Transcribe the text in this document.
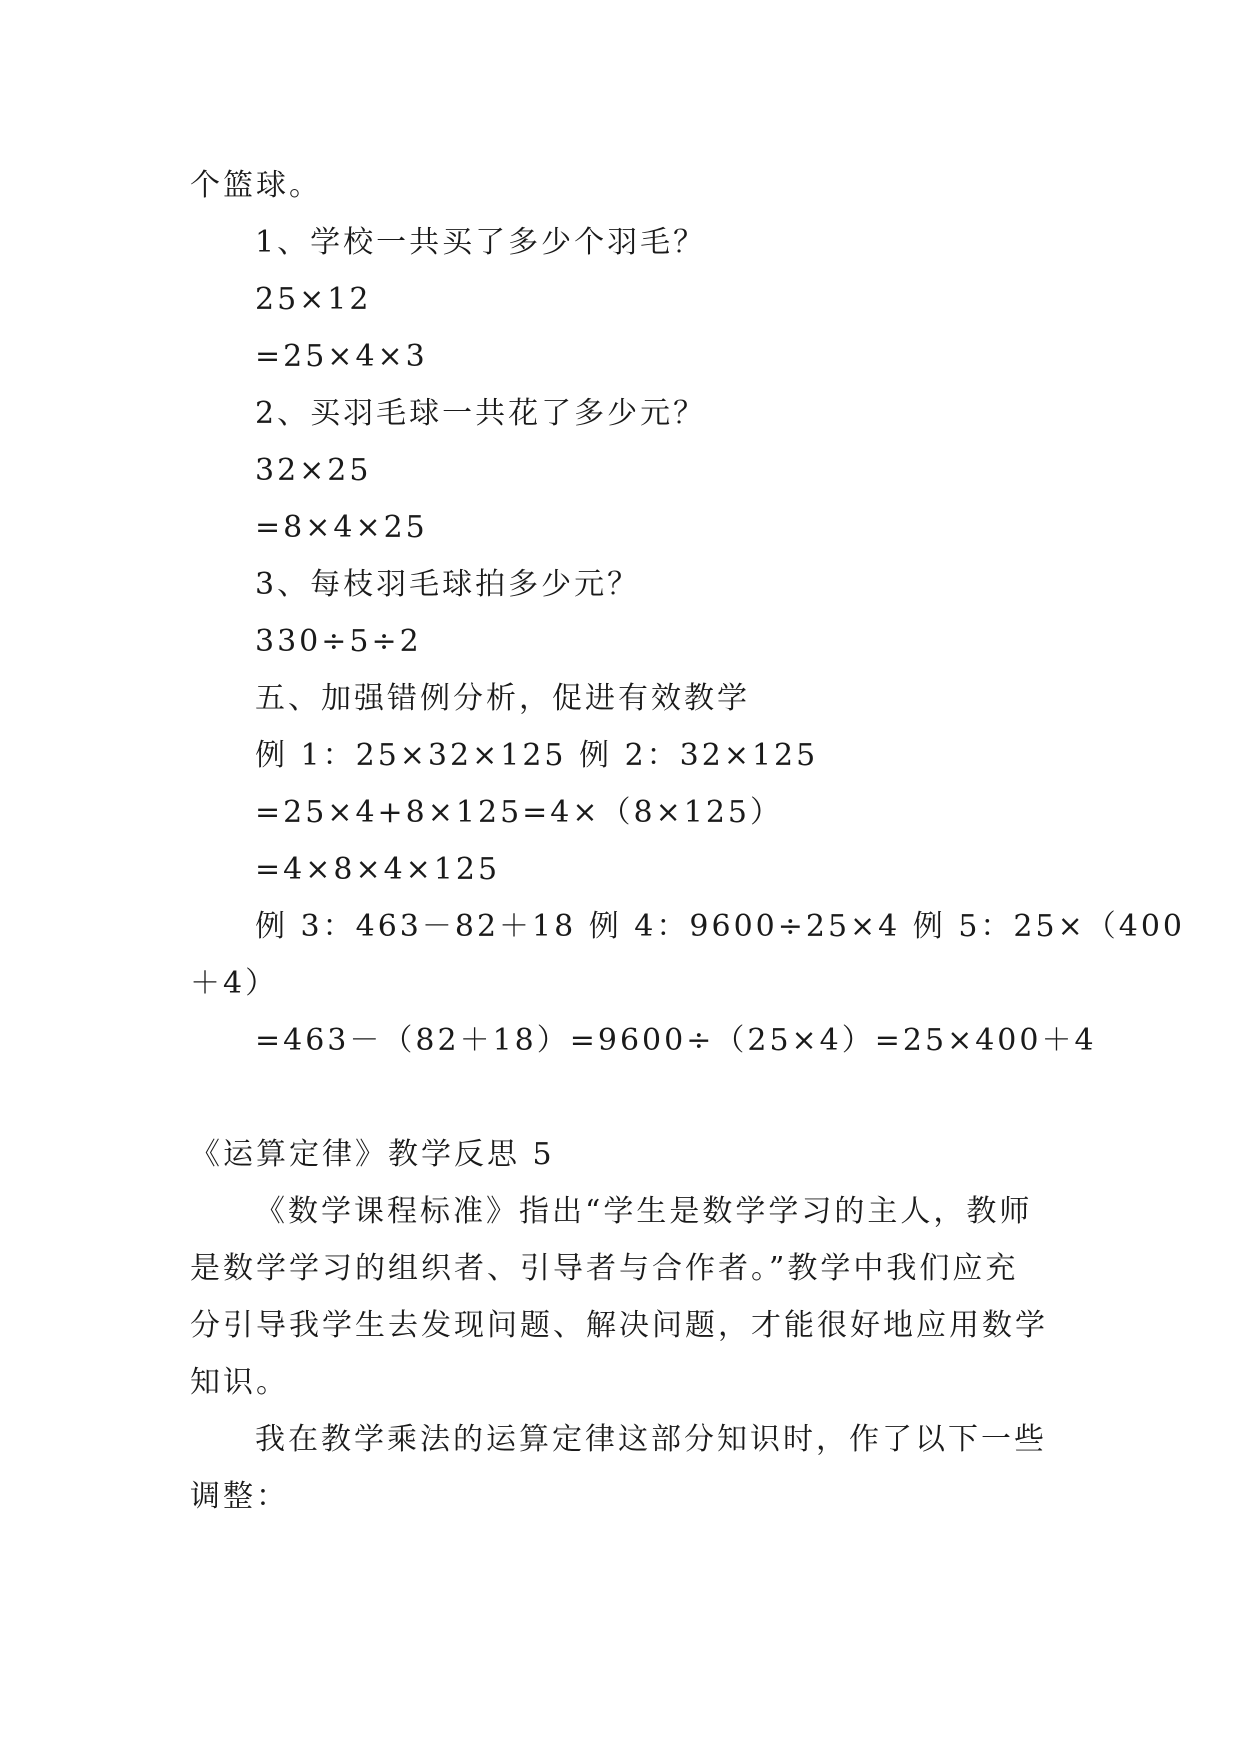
个篮球。
1、学校一共买了多少个羽毛？
25×12
=25×4×3
2、买羽毛球一共花了多少元？
32×25
=8×4×25
3、每枝羽毛球拍多少元？
330÷5÷2
五、加强错例分析，促进有效教学
例 1：25×32×125 例 2：32×125
=25×4+8×125=4×（8×125）
=4×8×4×125
例 3：463－82＋18 例 4：9600÷25×4 例 5：25×（400
＋4）
=463－（82＋18）=9600÷（25×4）=25×400＋4
《运算定律》教学反思 5
《数学课程标准》指出“学生是数学学习的主人，教师
是数学学习的组织者、引导者与合作者。”教学中我们应充
分引导我学生去发现问题、解决问题，才能很好地应用数学
知识。
我在教学乘法的运算定律这部分知识时，作了以下一些
调整：
